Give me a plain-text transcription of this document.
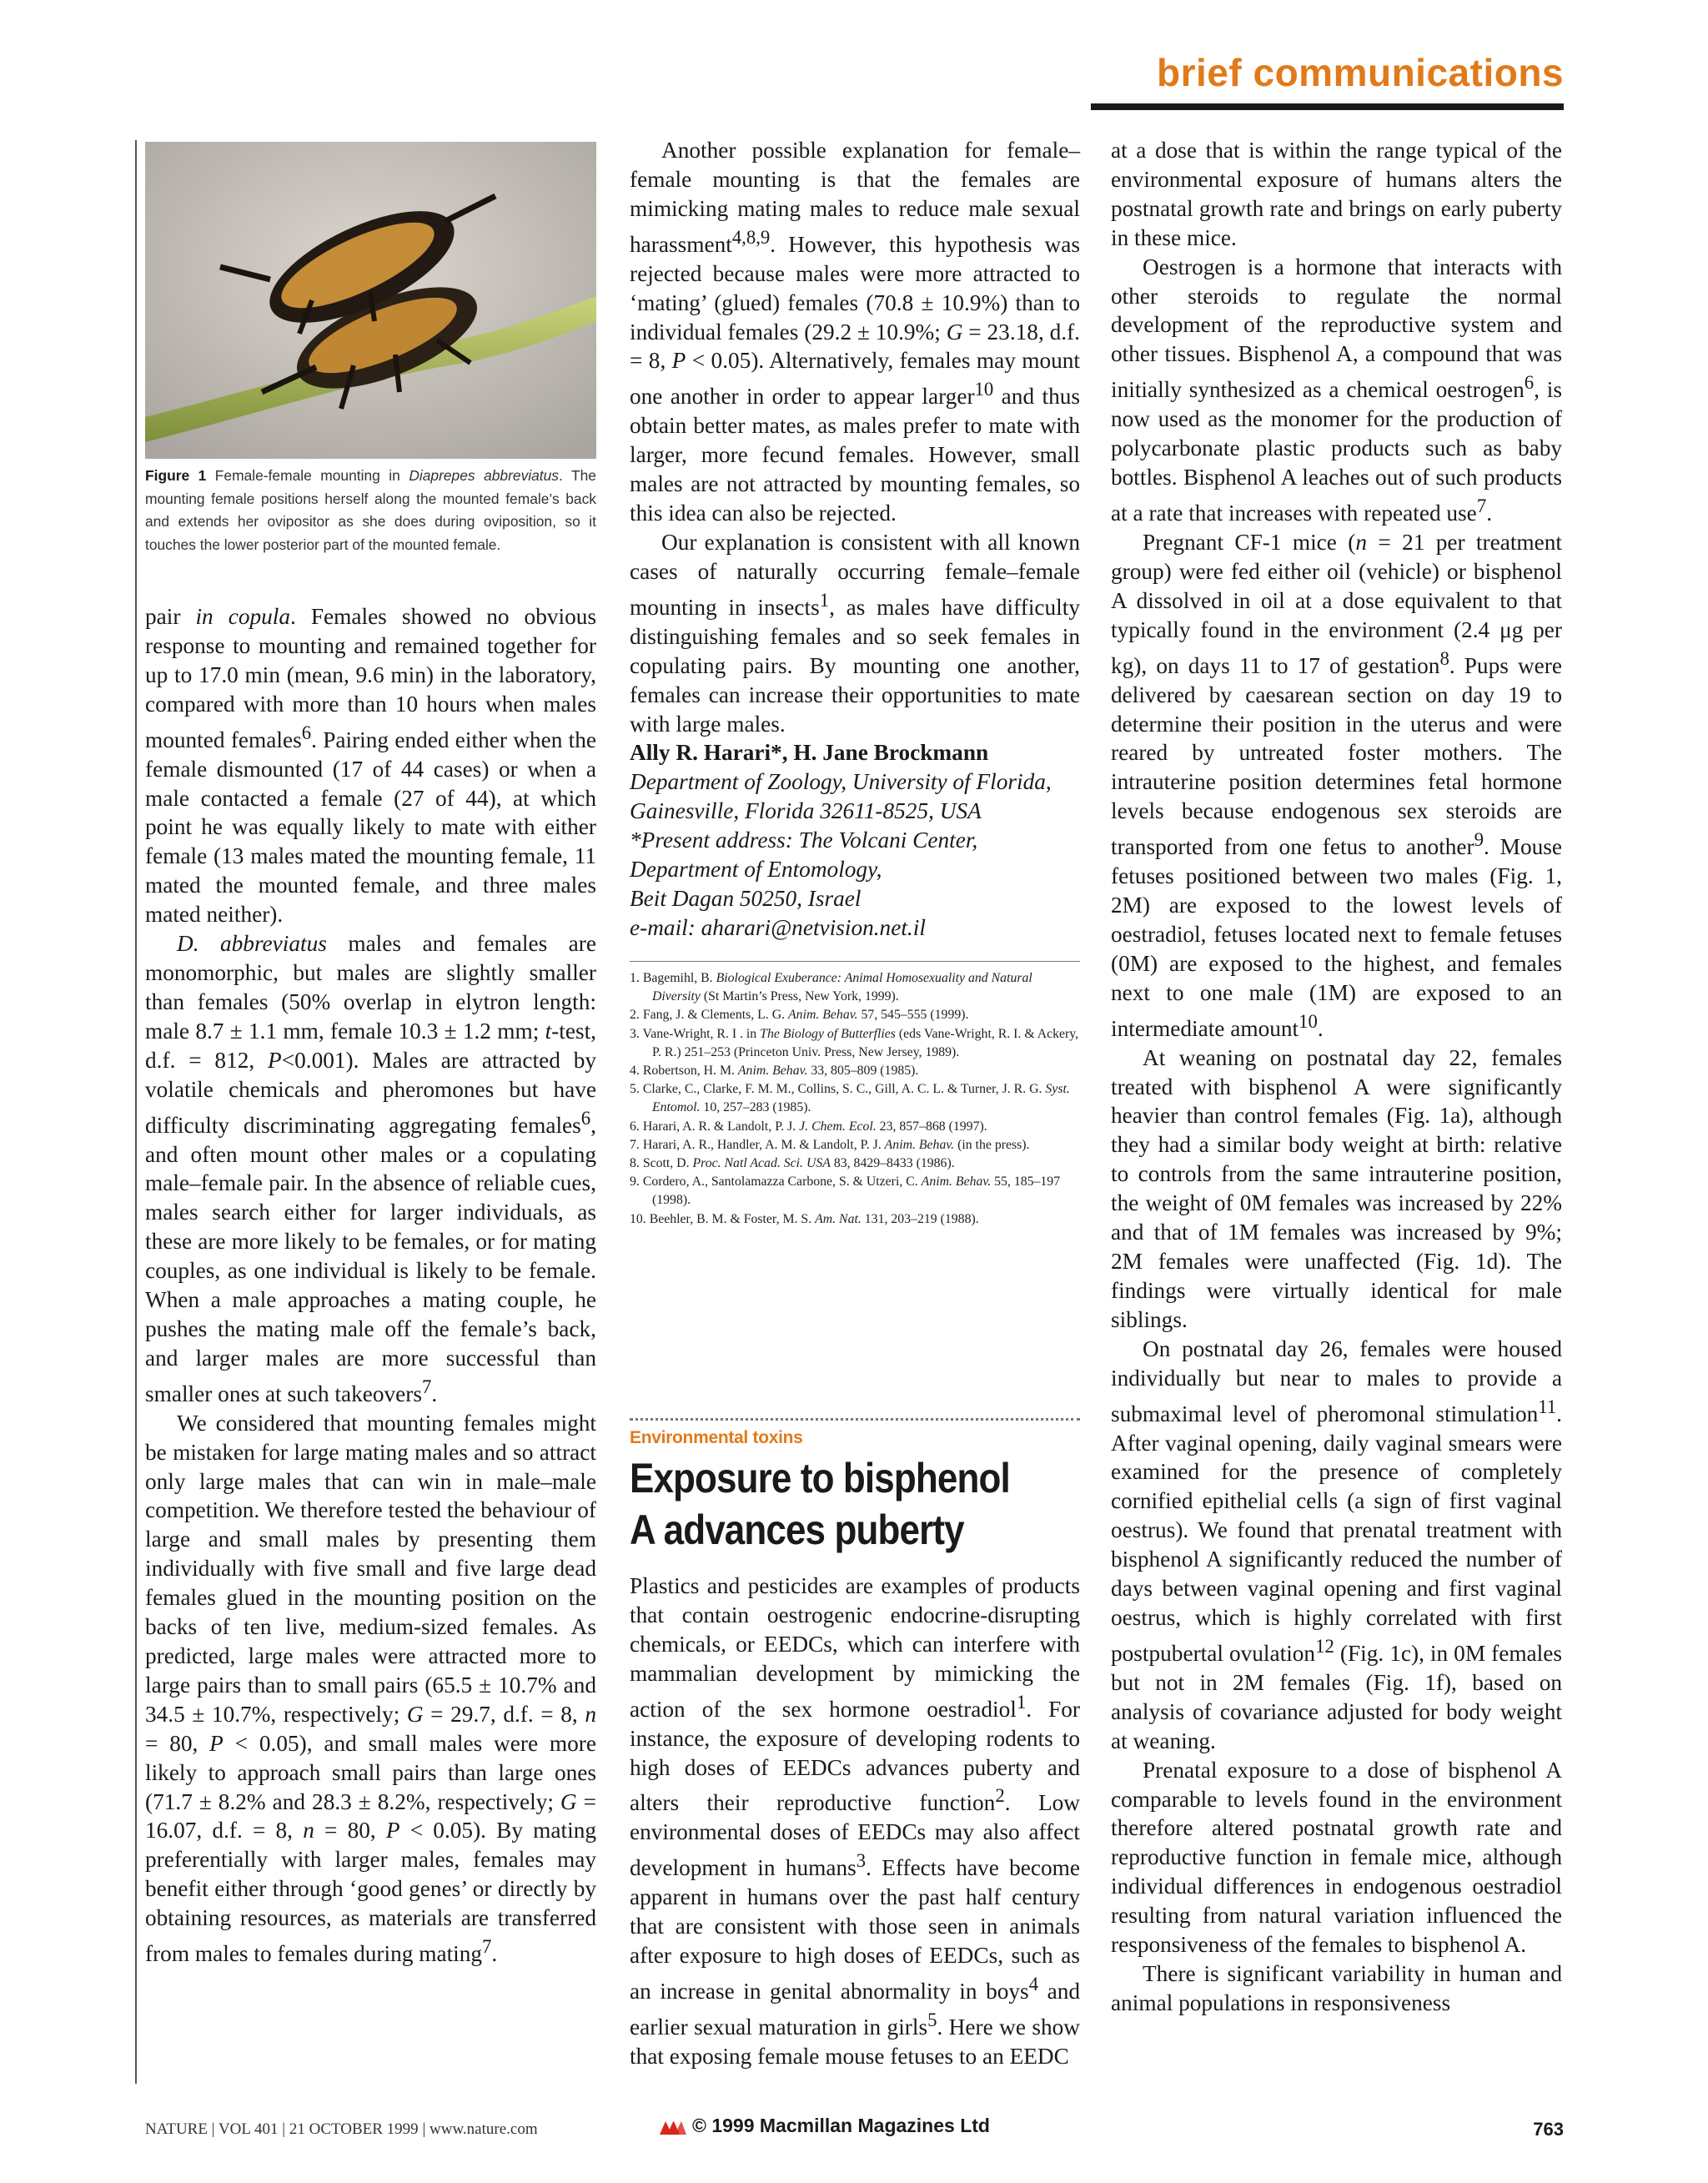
brief communications
Figure 1 Female-female mounting in Diaprepes abbreviatus. The mounting female positions herself along the mounted female’s back and extends her ovipositor as she does during oviposition, so it touches the lower posterior part of the mounted female.

pair in copula. Females showed no obvious response to mounting and remained together for up to 17.0 min (mean, 9.6 min) in the laboratory, compared with more than 10 hours when males mounted females$^6$. Pairing ended either when the female dismounted (17 of 44 cases) or when a male contacted a female (27 of 44), at which point he was equally likely to mate with either female (13 males mated the mounting female, 11 mated the mounted female, and three males mated neither).

D. abbreviatus males and females are monomorphic, but males are slightly smaller than females (50% overlap in elytron length: male 8.7 ± 1.1 mm, female 10.3 ± 1.2 mm; t-test, d.f. = 812, P<0.001). Males are attracted by volatile chemicals and pheromones but have difficulty discriminating aggregating females$^6$, and often mount other males or a copulating male–female pair. In the absence of reliable cues, males search either for larger individuals, as these are more likely to be females, or for mating couples, as one individual is likely to be female. When a male approaches a mating couple, he pushes the mating male off the female’s back, and larger males are more successful than smaller ones at such takeovers$^7$.

We considered that mounting females might be mistaken for large mating males and so attract only large males that can win in male–male competition. We therefore tested the behaviour of large and small males by presenting them individually with five small and five large dead females glued in the mounting position on the backs of ten live, medium-sized females. As predicted, large males were attracted more to large pairs than to small pairs (65.5 ± 10.7% and 34.5 ± 10.7%, respectively; G = 29.7, d.f. = 8, n = 80, P < 0.05), and small males were more likely to approach small pairs than large ones (71.7 ± 8.2% and 28.3 ± 8.2%, respectively; G = 16.07, d.f. = 8, n = 80, P < 0.05). By mating preferentially with larger males, females may benefit either through ‘good genes’ or directly by obtaining resources, as materials are transferred from males to females during mating$^7$.

Another possible explanation for female–female mounting is that the females are mimicking mating males to reduce male sexual harassment$^{4,8,9}$. However, this hypothesis was rejected because males were more attracted to ‘mating’ (glued) females (70.8 ± 10.9%) than to individual females (29.2 ± 10.9%; G = 23.18, d.f. = 8, P < 0.05). Alternatively, females may mount one another in order to appear larger$^{10}$ and thus obtain better mates, as males prefer to mate with larger, more fecund females. However, small males are not attracted by mounting females, so this idea can also be rejected.

Our explanation is consistent with all known cases of naturally occurring female–female mounting in insects$^1$, as males have difficulty distinguishing females and so seek females in copulating pairs. By mounting one another, females can increase their opportunities to mate with large males.

Ally R. Harari*, H. Jane Brockmann

Department of Zoology, University of Florida,

Gainesville, Florida 32611-8525, USA

*Present address: The Volcani Center,

Department of Entomology,

Beit Dagan 50250, Israel

e-mail: aharari@netvision.net.il

1. Bagemihl, B. Biological Exuberance: Animal Homosexuality and Natural Diversity (St Martin’s Press, New York, 1999).

2. Fang, J. & Clements, L. G. Anim. Behav. 57, 545–555 (1999).

3. Vane-Wright, R. I . in The Biology of Butterflies (eds Vane-Wright, R. I. & Ackery, P. R.) 251–253 (Princeton Univ. Press, New Jersey, 1989).

4. Robertson, H. M. Anim. Behav. 33, 805–809 (1985).

5. Clarke, C., Clarke, F. M. M., Collins, S. C., Gill, A. C. L. & Turner, J. R. G. Syst. Entomol. 10, 257–283 (1985).

6. Harari, A. R. & Landolt, P. J. J. Chem. Ecol. 23, 857–868 (1997).

7. Harari, A. R., Handler, A. M. & Landolt, P. J. Anim. Behav. (in the press).

8. Scott, D. Proc. Natl Acad. Sci. USA 83, 8429–8433 (1986).

9. Cordero, A., Santolamazza Carbone, S. & Utzeri, C. Anim. Behav. 55, 185–197 (1998).

10. Beehler, B. M. & Foster, M. S. Am. Nat. 131, 203–219 (1988).

Environmental toxins
Exposure to bisphenol A advances puberty

Plastics and pesticides are examples of products that contain oestrogenic endocrine-disrupting chemicals, or EEDCs, which can interfere with mammalian development by mimicking the action of the sex hormone oestradiol$^1$. For instance, the exposure of developing rodents to high doses of EEDCs advances puberty and alters their reproductive function$^2$. Low environmental doses of EEDCs may also affect development in humans$^3$. Effects have become apparent in humans over the past half century that are consistent with those seen in animals after exposure to high doses of EEDCs, such as an increase in genital abnormality in boys$^4$ and earlier sexual maturation in girls$^5$. Here we show that exposing female mouse fetuses to an EEDC

at a dose that is within the range typical of the environmental exposure of humans alters the postnatal growth rate and brings on early puberty in these mice.

Oestrogen is a hormone that interacts with other steroids to regulate the normal development of the reproductive system and other tissues. Bisphenol A, a compound that was initially synthesized as a chemical oestrogen$^6$, is now used as the monomer for the production of polycarbonate plastic products such as baby bottles. Bisphenol A leaches out of such products at a rate that increases with repeated use$^7$.

Pregnant CF-1 mice (n = 21 per treatment group) were fed either oil (vehicle) or bisphenol A dissolved in oil at a dose equivalent to that typically found in the environment (2.4 μg per kg), on days 11 to 17 of gestation$^8$. Pups were delivered by caesarean section on day 19 to determine their position in the uterus and were reared by untreated foster mothers. The intrauterine position determines fetal hormone levels because endogenous sex steroids are transported from one fetus to another$^9$. Mouse fetuses positioned between two males (Fig. 1, 2M) are exposed to the lowest levels of oestradiol, fetuses located next to female fetuses (0M) are exposed to the highest, and females next to one male (1M) are exposed to an intermediate amount$^{10}$.

At weaning on postnatal day 22, females treated with bisphenol A were significantly heavier than control females (Fig. 1a), although they had a similar body weight at birth: relative to controls from the same intrauterine position, the weight of 0M females was increased by 22% and that of 1M females was increased by 9%; 2M females were unaffected (Fig. 1d). The findings were virtually identical for male siblings.

On postnatal day 26, females were housed individually but near to males to provide a submaximal level of pheromonal stimulation$^{11}$. After vaginal opening, daily vaginal smears were examined for the presence of completely cornified epithelial cells (a sign of first vaginal oestrus). We found that prenatal treatment with bisphenol A significantly reduced the number of days between vaginal opening and first vaginal oestrus, which is highly correlated with first postpubertal ovulation$^{12}$ (Fig. 1c), in 0M females but not in 2M females (Fig. 1f), based on analysis of covariance adjusted for body weight at weaning.

Prenatal exposure to a dose of bisphenol A comparable to levels found in the environment therefore altered postnatal growth rate and reproductive function in female mice, although individual differences in endogenous oestradiol resulting from natural variation influenced the responsiveness of the females to bisphenol A.

There is significant variability in human and animal populations in responsiveness

NATURE | VOL 401 | 21 OCTOBER 1999 | www.nature.com	© 1999 Macmillan Magazines Ltd	763
